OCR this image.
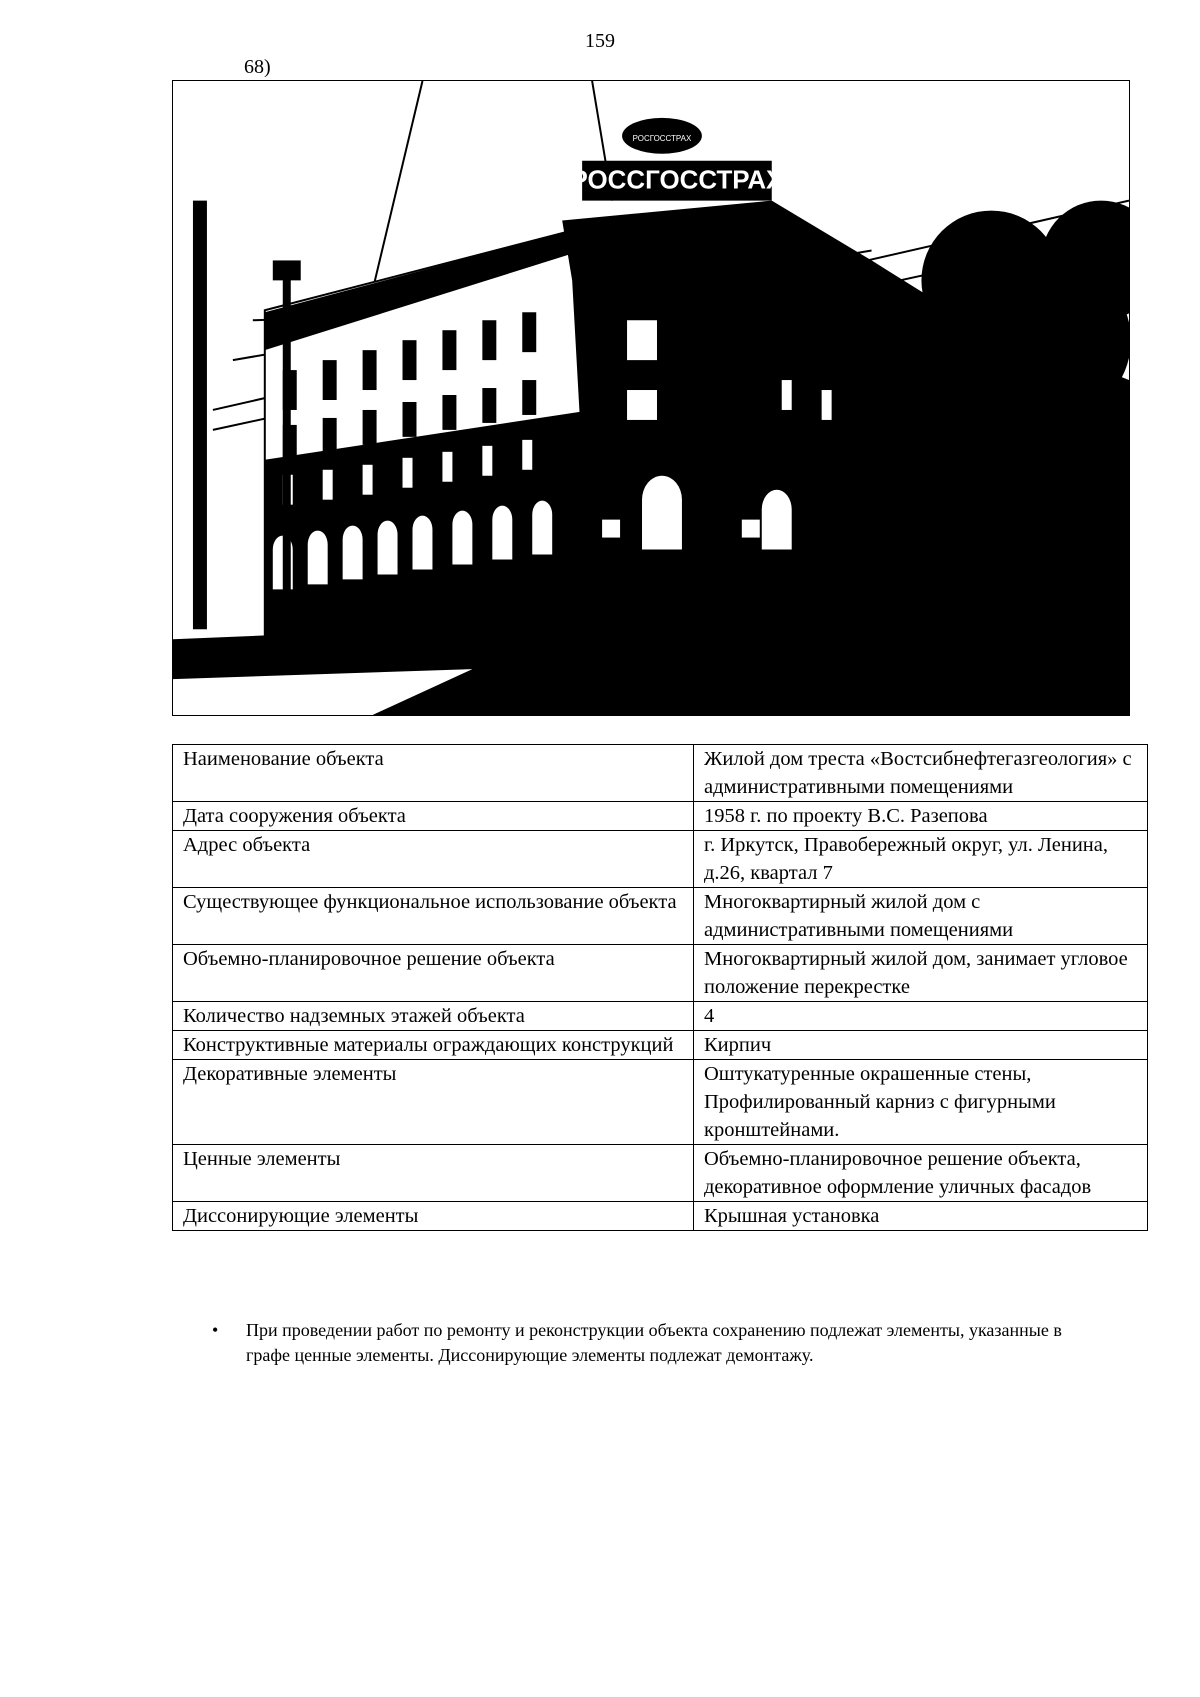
159
68)
РОССГОССТРАХ
РОСГОССТРАХ
Наименование объекта	Жилой дом треста «Востсибнефтегазгеология» с административными помещениями
Дата сооружения объекта	1958 г. по проекту В.С. Разепова
Адрес объекта	г. Иркутск, Правобережный округ, ул. Ленина, д.26, квартал 7
Существующее функциональное использование объекта	Многоквартирный жилой дом с административными помещениями
Объемно-планировочное решение объекта	Многоквартирный жилой дом, занимает угловое положение перекрестке
Количество надземных этажей объекта	4
Конструктивные материалы ограждающих конструкций	Кирпич
Декоративные элементы	Оштукатуренные окрашенные стены, Профилированный карниз с фигурными кронштейнами.
Ценные элементы	Объемно-планировочное решение объекта, декоративное оформление уличных фасадов
Диссонирующие элементы	Крышная установка
• При проведении работ по ремонту и реконструкции объекта сохранению подлежат элементы, указанные в графе ценные элементы. Диссонирующие элементы подлежат демонтажу.
